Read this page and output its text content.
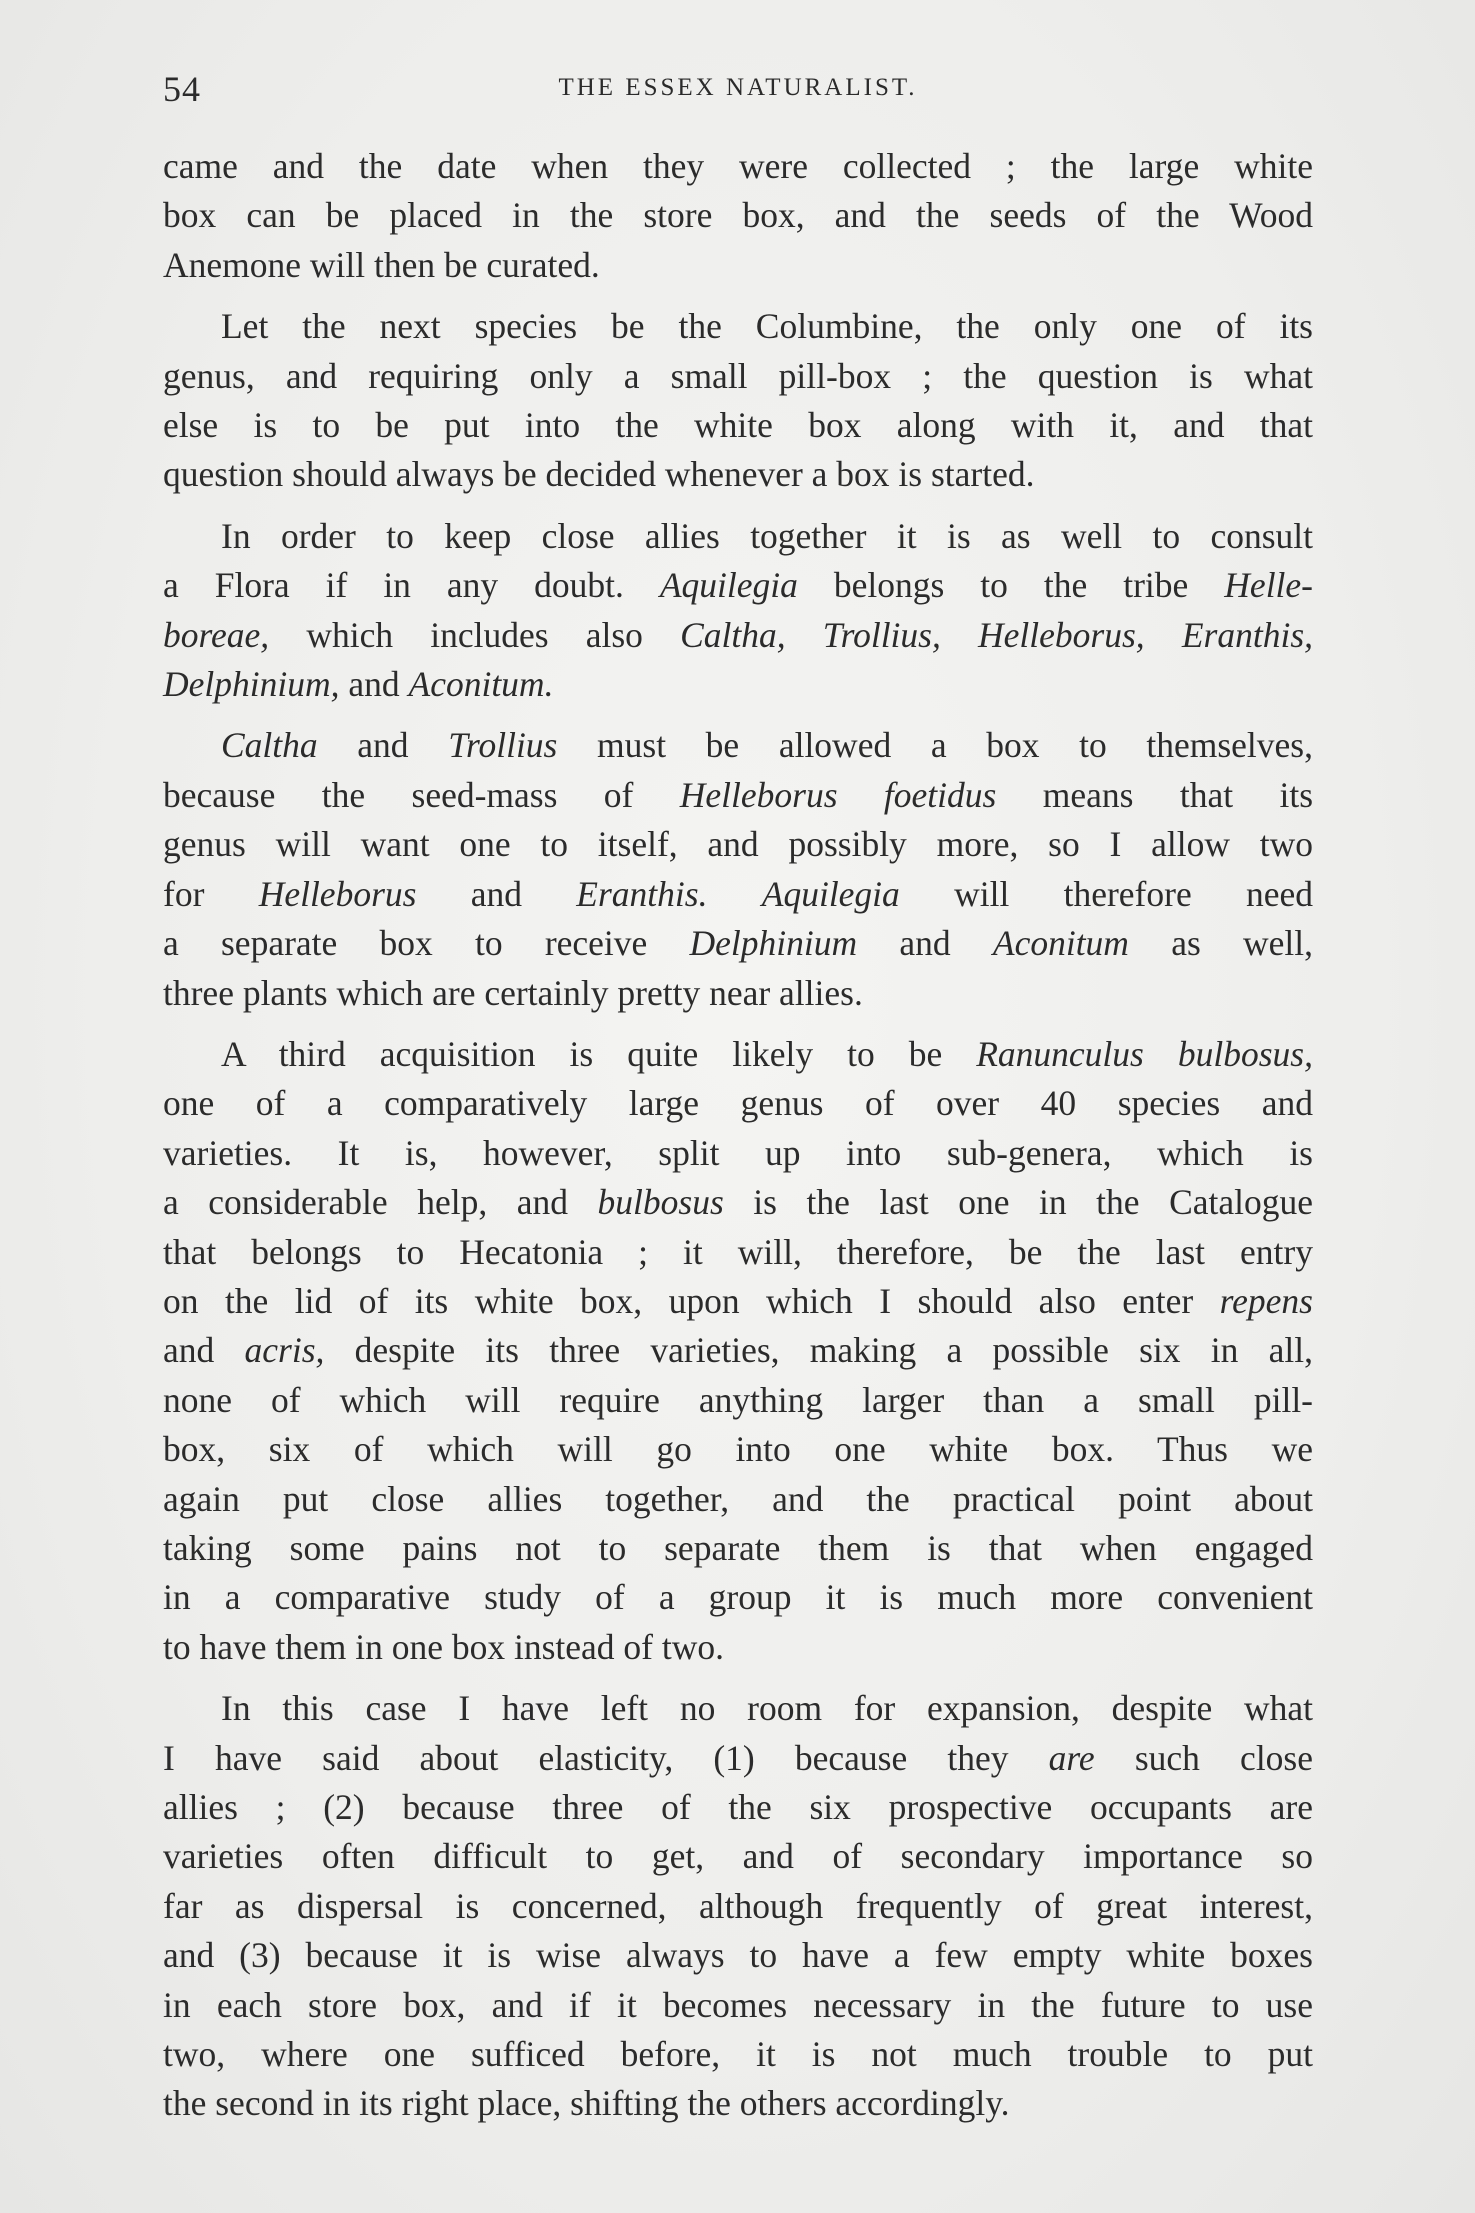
54	THE ESSEX NATURALIST.
came and the date when they were collected ; the large white
box can be placed in the store box, and the seeds of the Wood
Anemone will then be curated.
Let the next species be the Columbine, the only one of its
genus, and requiring only a small pill-box ; the question is what
else is to be put into the white box along with it, and that
question should always be decided whenever a box is started.
In order to keep close allies together it is as well to consult
a Flora if in any doubt. Aquilegia belongs to the tribe Helle-
boreae, which includes also Caltha, Trollius, Helleborus, Eranthis,
Delphinium, and Aconitum.
Caltha and Trollius must be allowed a box to themselves,
because the seed-mass of Helleborus foetidus means that its
genus will want one to itself, and possibly more, so I allow two
for Helleborus and Eranthis. Aquilegia will therefore need
a separate box to receive Delphinium and Aconitum as well,
three plants which are certainly pretty near allies.
A third acquisition is quite likely to be Ranunculus bulbosus,
one of a comparatively large genus of over 40 species and
varieties. It is, however, split up into sub-genera, which is
a considerable help, and bulbosus is the last one in the Catalogue
that belongs to Hecatonia ; it will, therefore, be the last entry
on the lid of its white box, upon which I should also enter repens
and acris, despite its three varieties, making a possible six in all,
none of which will require anything larger than a small pill-
box, six of which will go into one white box. Thus we
again put close allies together, and the practical point about
taking some pains not to separate them is that when engaged
in a comparative study of a group it is much more convenient
to have them in one box instead of two.
In this case I have left no room for expansion, despite what
I have said about elasticity, (1) because they are such close
allies ; (2) because three of the six prospective occupants are
varieties often difficult to get, and of secondary importance so
far as dispersal is concerned, although frequently of great interest,
and (3) because it is wise always to have a few empty white boxes
in each store box, and if it becomes necessary in the future to use
two, where one sufficed before, it is not much trouble to put
the second in its right place, shifting the others accordingly.
